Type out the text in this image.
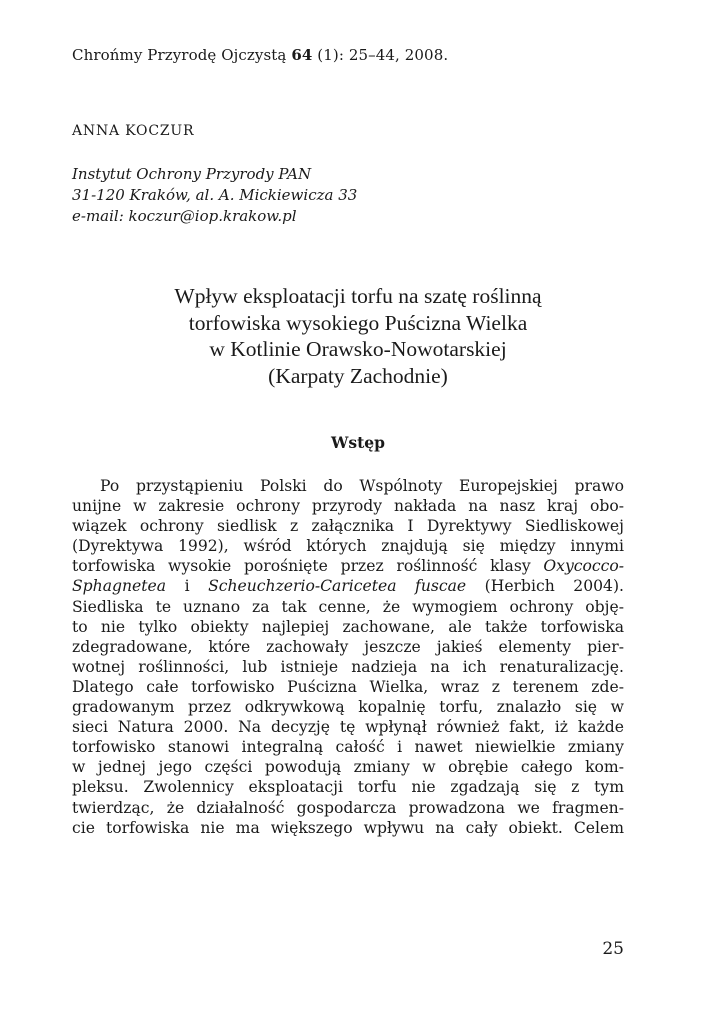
Chrońmy Przyrodę Ojczystą 64 (1): 25–44, 2008.
ANNA KOCZUR
Instytut Ochrony Przyrody PAN
31-120 Kraków, al. A. Mickiewicza 33
e-mail: koczur@iop.krakow.pl
Wpływ eksploatacji torfu na szatę roślinną
torfowiska wysokiego Puścizna Wielka
w Kotlinie Orawsko-Nowotarskiej
(Karpaty Zachodnie)
Wstęp
Po przystąpieniu Polski do Wspólnoty Europejskiej prawo
unijne w zakresie ochrony przyrody nakłada na nasz kraj obo-
wiązek ochrony siedlisk z załącznika I Dyrektywy Siedliskowej
(Dyrektywa 1992), wśród których znajdują się między innymi
torfowiska wysokie porośnięte przez roślinność klasy Oxycocco-
Sphagnetea i Scheuchzerio-Caricetea fuscae (Herbich 2004).
Siedliska te uznano za tak cenne, że wymogiem ochrony obję-
to nie tylko obiekty najlepiej zachowane, ale także torfowiska
zdegradowane, które zachowały jeszcze jakieś elementy pier-
wotnej roślinności, lub istnieje nadzieja na ich renaturalizację.
Dlatego całe torfowisko Puścizna Wielka, wraz z terenem zde-
gradowanym przez odkrywkową kopalnię torfu, znalazło się w
sieci Natura 2000. Na decyzję tę wpłynął również fakt, iż każde
torfowisko stanowi integralną całość i nawet niewielkie zmiany
w jednej jego części powodują zmiany w obrębie całego kom-
pleksu. Zwolennicy eksploatacji torfu nie zgadzają się z tym
twierdząc, że działalność gospodarcza prowadzona we fragmen-
cie torfowiska nie ma większego wpływu na cały obiekt. Celem
25
